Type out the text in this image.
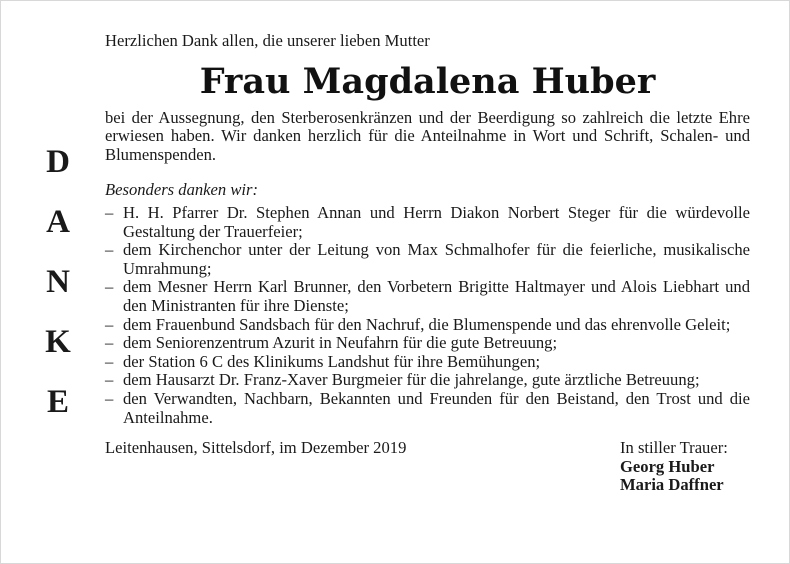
D
A
N
K
E

Herzlichen Dank allen, die unserer lieben Mutter

Frau Magdalena Huber

bei der Aussegnung, den Sterberosenkränzen und der Beerdigung so zahlreich die letzte Ehre erwiesen haben. Wir danken herzlich für die Anteilnahme in Wort und Schrift, Schalen- und Blumenspenden.

Besonders danken wir:

– H. H. Pfarrer Dr. Stephen Annan und Herrn Diakon Norbert Steger für die würdevolle Gestaltung der Trauerfeier;
– dem Kirchenchor unter der Leitung von Max Schmalhofer für die feierliche, musikalische Umrahmung;
– dem Mesner Herrn Karl Brunner, den Vorbetern Brigitte Haltmayer und Alois Liebhart und den Ministranten für ihre Dienste;
– dem Frauenbund Sandsbach für den Nachruf, die Blumenspende und das ehrenvolle Geleit;
– dem Seniorenzentrum Azurit in Neufahrn für die gute Betreuung;
– der Station 6 C des Klinikums Landshut für ihre Bemühungen;
– dem Hausarzt Dr. Franz-Xaver Burgmeier für die jahrelange, gute ärztliche Betreuung;
– den Verwandten, Nachbarn, Bekannten und Freunden für den Beistand, den Trost und die Anteilnahme.
Leitenhausen, Sittelsdorf, im Dezember 2019	In stiller Trauer:
Georg Huber
Maria Daffner
